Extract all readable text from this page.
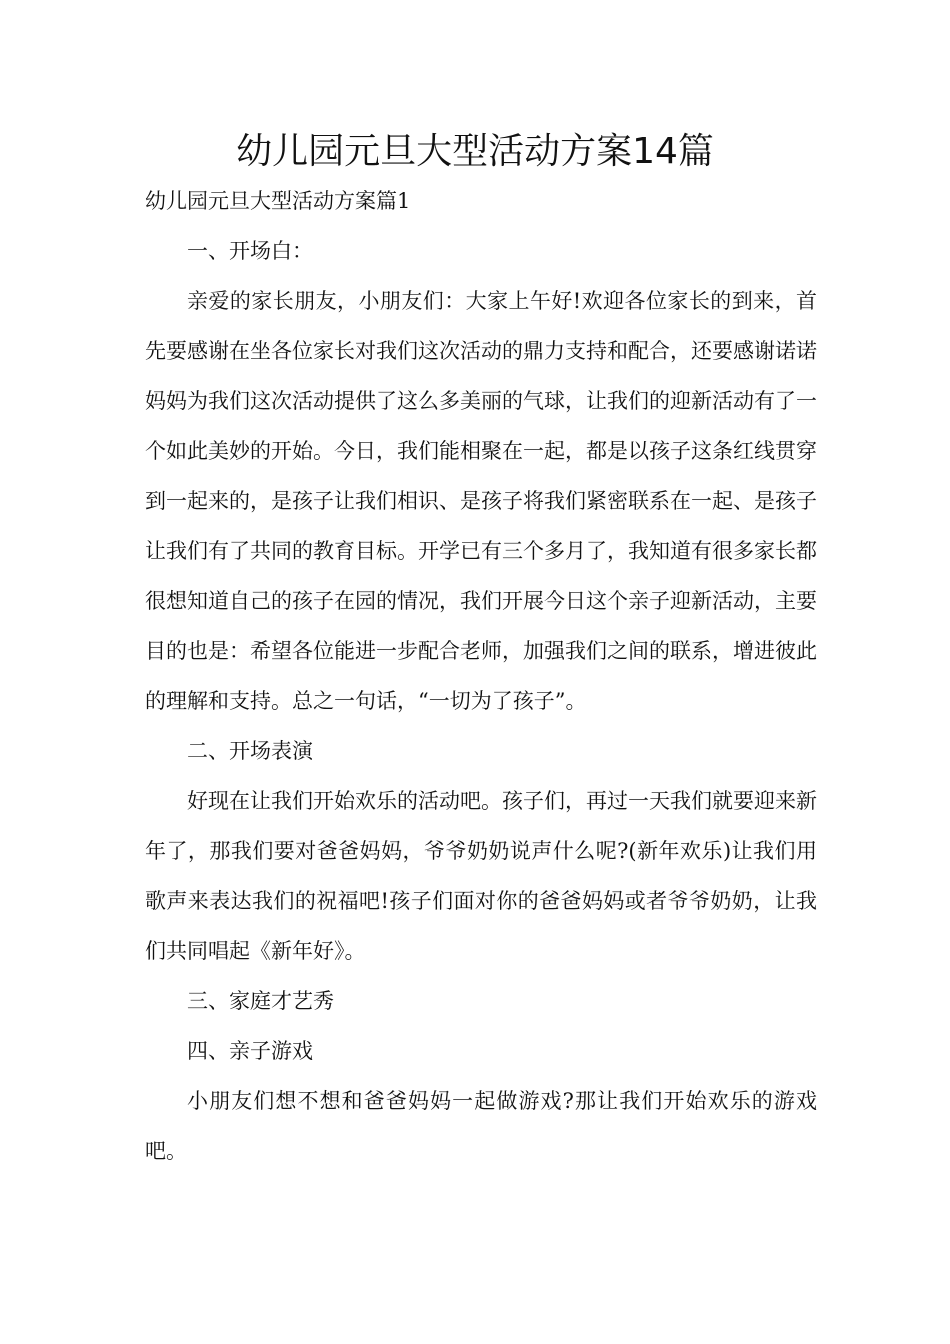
幼儿园元旦大型活动方案14篇
幼儿园元旦大型活动方案篇1

一、开场白：

亲爱的家长朋友，小朋友们：大家上午好!欢迎各位家长的到来，首先要感谢在坐各位家长对我们这次活动的鼎力支持和配合，还要感谢诺诺妈妈为我们这次活动提供了这么多美丽的气球，让我们的迎新活动有了一个如此美妙的开始。今日，我们能相聚在一起，都是以孩子这条红线贯穿到一起来的，是孩子让我们相识、是孩子将我们紧密联系在一起、是孩子让我们有了共同的教育目标。开学已有三个多月了，我知道有很多家长都很想知道自己的孩子在园的情况，我们开展今日这个亲子迎新活动，主要目的也是：希望各位能进一步配合老师，加强我们之间的联系，增进彼此的理解和支持。总之一句话，“一切为了孩子”。

二、开场表演

好现在让我们开始欢乐的活动吧。孩子们，再过一天我们就要迎来新年了，那我们要对爸爸妈妈，爷爷奶奶说声什么呢?(新年欢乐)让我们用歌声来表达我们的祝福吧!孩子们面对你的爸爸妈妈或者爷爷奶奶，让我们共同唱起《新年好》。

三、家庭才艺秀

四、亲子游戏

小朋友们想不想和爸爸妈妈一起做游戏?那让我们开始欢乐的游戏吧。
